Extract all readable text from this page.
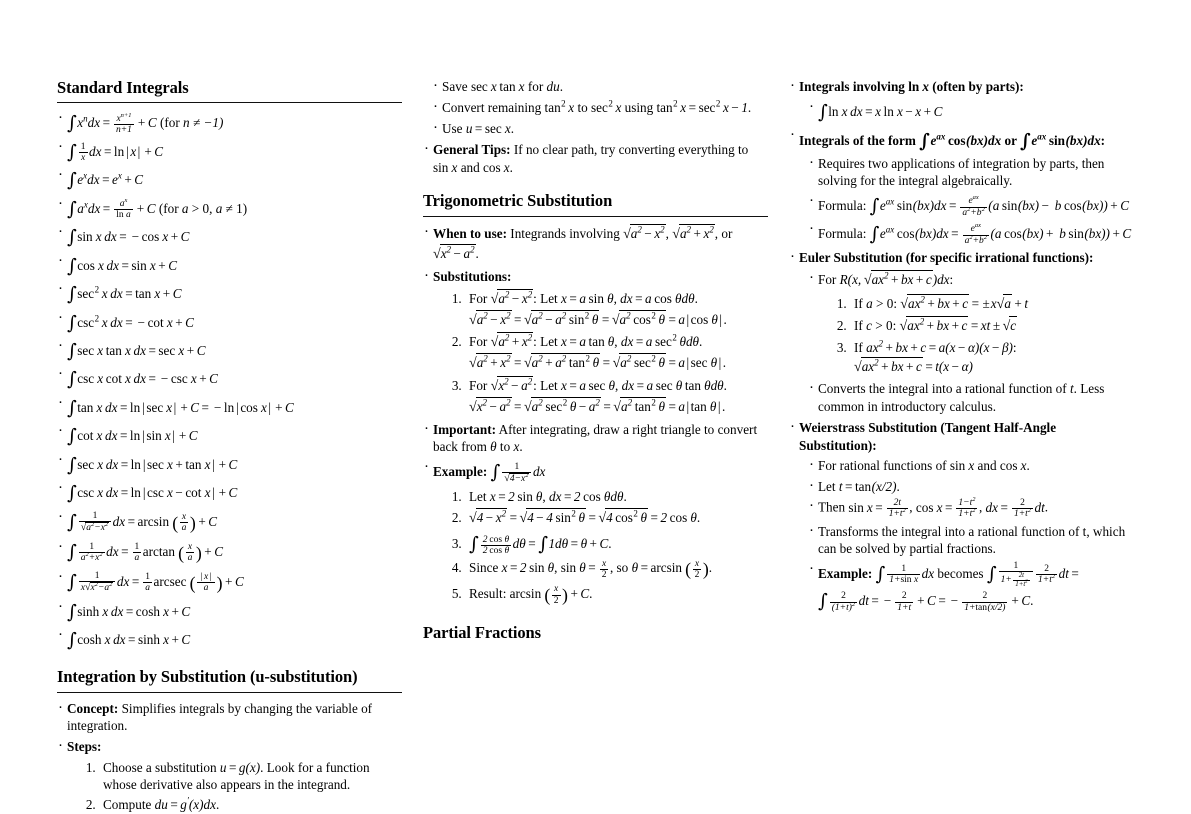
Standard Integrals
· $\int x^ndx = \frac{x^{n+1}}{n+1} + C$ (for n ≠ −1)
· ∫ $\frac{1}{x}$ dx = ln | x | + C
· $\int e^xdx = e^x + C$
· $\int a^xdx = \frac{a^x}{\text{ln a}} + C$ (for a > 0, a ≠ 1)
· ∫sin x dx = − cos x + C
· ∫cos x dx = sin x + C
· $\int\sec^2$ x dx = tan x + C
· $\int\csc^2$ x dx = − cot x + C
· ∫sec x tan x dx = sec x + C
· ∫csc x cot x dx = − csc x + C
· ∫tan x dx = ln | sec x | + C = − ln | cos x | + C
· ∫cot x dx = ln | sin x | + C
· ∫sec x dx = ln | sec x + tan x | + C
· ∫csc x dx = ln | csc x − cot x | + C
· ∫ $\frac{1}{√a^2-x^2}$ dx = arcsin  ( $\frac{x}{a}$ ) + C
· ∫ $\frac{1}{a^2+x^2}$ dx = $\frac{1}{a}$ arctan  ( $\frac{x}{a}$ ) + C
· ∫ $\frac{1}{x√x^2-a^2}$ dx = $\frac{1}{a}$ arcsec  ( $\frac{| x |}{a}$ ) + C
· ∫sinh x dx = cosh x + C
· ∫cosh x dx = sinh x + C
Integration by Substitution (u-substitution)
· Concept: Simplifies integrals by changing the variable of integration.
· Steps:
1. Choose a substitution u = g(x). Look for a function whose derivative also appears in the integrand.
2. Compute du = g′(x)dx.
· Save sec x tan x for du.
· Convert remaining $\tan^2 x$ to $\sec^2 x$ using $\tan^2 x = \sec^2 x - 1$.
· Use u = sec x.
· General Tips: If no clear path, try converting everything to sin x and cos x.
Trigonometric Substitution
· When to use: Integrands involving $√a^2 - x^2$, $√a^2 + x^2$, or $√x^2 - a^2$.
· Substitutions:
1. For $√a^2 - x^2$: Let x = a sin θ, dx = a cos θdθ. $√a^2 - x^2 = √a^2 - a^2$ $\sin^2 \theta = √a^2$ $\cos^2 \theta = a$ | cos θ | .
2. For $√a^2 + x^2$: Let x = a tan θ, dx = a $\sec^2 \theta d\theta$. $√a^2 + x^2 = √a^2 + a^2$ $\tan^2 \theta = √a^2$ $\sec^2 \theta = a$ | sec θ | .
3. For $√x^2 - a^2$: Let x = a sec θ, dx = a sec θ tan θdθ. $√x^2 - a^2 = √a^2$ $\sec^2 \theta - a^2 = √a^2$ $\tan^2 \theta = a$ | tan θ | .
· Important: After integrating, draw a right triangle to convert back from θ to x.
· Example: ∫ $\frac{1}{√4-x^2}$ dx
1. Let x = 2 sin θ, dx = 2 cos θdθ.
2. $√4 - x^2 = √4 - 4$ $\sin^2 \theta = √4$ $\cos^2 \theta = 2$ cos θ.
3. ∫ $\frac{\text{2 cos θ}}{\text{2 cos θ}}$ dθ = ∫1dθ = θ + C.
4. Since x = 2 sin θ, $\sin \theta = \frac{x}{2}$ , so θ = arcsin  ( $\frac{x}{2}$ ).
5. Result: arcsin  ( $\frac{x}{2}$ ) + C.
Partial Fractions
· Integrals involving ln x (often by parts):
· ∫ln x dx = x ln x − x + C
· Integrals of the form $\int e^{ax}$ cos(bx)dx or $\int e^{ax}$ sin(bx)dx:
· Requires two applications of integration by parts, then solving for the integral algebraically.
· Formula: $\int e^{ax}$ $\sin(bx)dx = \frac{e^{ax}}{a^2+b^2} (a$ sin(bx) − b cos(bx)) + C
· Formula: $\int e^{ax}$ $\cos(bx)dx = \frac{e^{ax}}{a^2+b^2} (a$ cos(bx) + b sin(bx)) + C
· Euler Substitution (for specific irrational functions):
· For R(x, $√ax^2$ + bx + c)dx:
1. If a > 0: $√ax^2$ + bx + c = ±x√a + t
2. If c > 0: $√ax^2$ + bx + c = xt ± √c
3. If $ax^2$ + bx + c = a(x − α)(x − β): $√ax^2$ + bx + c = t(x − α)
· Converts the integral into a rational function of t. Less common in introductory calculus.
· Weierstrass Substitution (Tangent Half-Angle Substitution):
· For rational functions of sin x and cos x.
· Let t = tan(x/2).
· Then $\sin x = \frac{2t}{1+t^2}$ , $\cos x = \frac{1-t^2}{1+t^2}$ , dx = $\frac{2}{1+t^2}$ dt.
· Transforms the integral into a rational function of t, which can be solved by partial fractions.
· Example: ∫ $\frac{1}{\text{1+sin x}}$ dx becomes ∫ $\frac{1}{1+ \frac{2t}{1+t^2}} \frac{2}{1+t^2}$ dt = ∫ $\frac{2}{(1+t)^2}$ dt = − $\frac{2}{1+t} + C$ = − $\frac{2}{1+\tan(x/2)} + C$.
